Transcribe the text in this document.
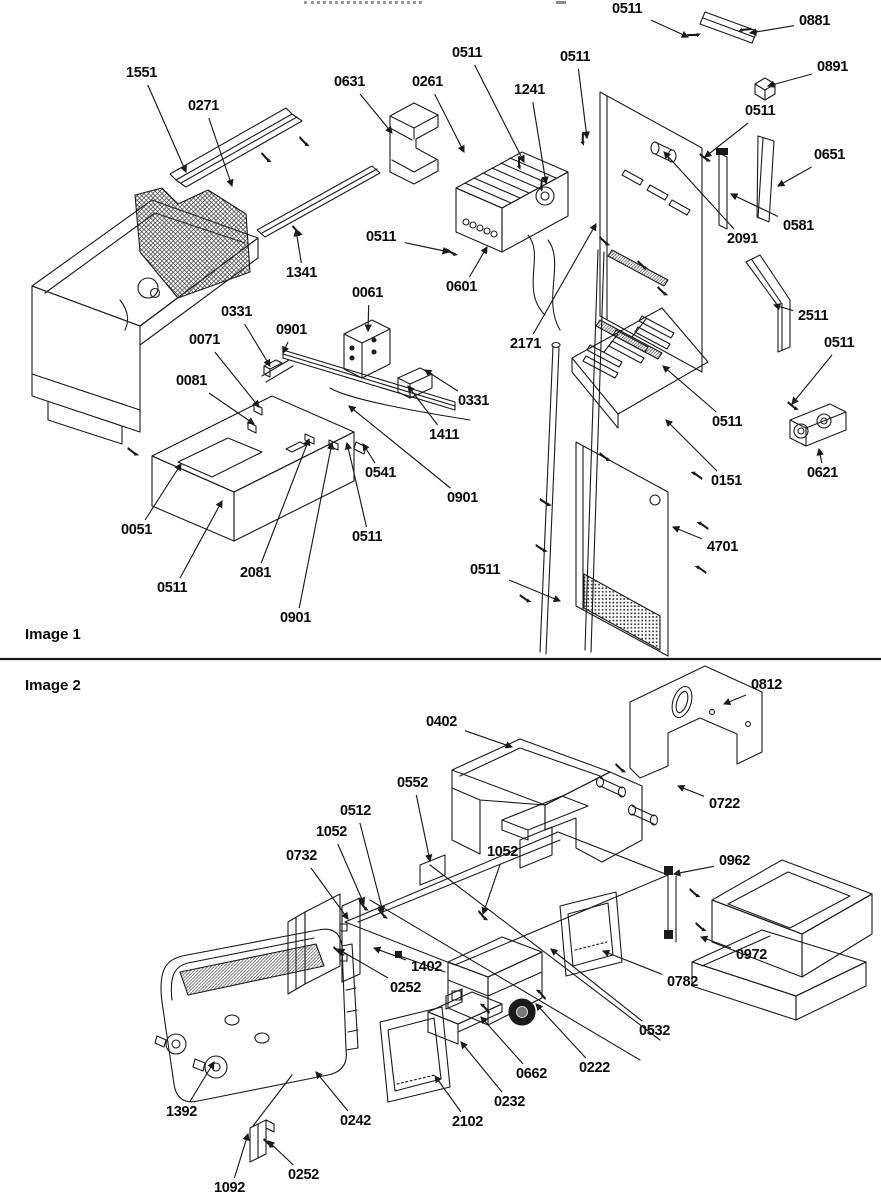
Image 1
Image 2
1551
0271
0631	0261
0511	0511
1241
0511
0881
0891
0511
0651
0581
2091
0601
1341
0511
2171
0061
0331
0901
0071
0081
0331
1411
0541
0901
0511
0051
0511
2081
0901
0511
4701
2511
0511
0511
0151	0621
0812
0402
0722
0552
0512
1052
0732	1052
0962
0972
1402
0252	0782
0532
0222
0662
0232
2102
0242
1392
1092
0252
